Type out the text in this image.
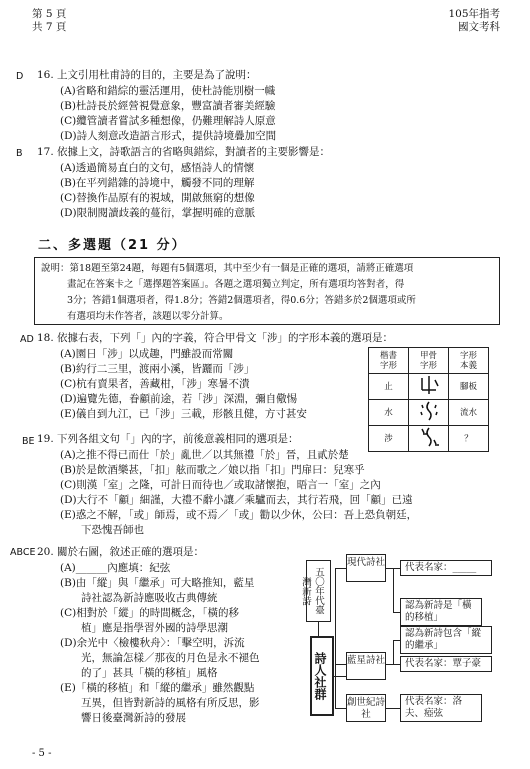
第 5 頁
共 7 頁
105年指考
國文考科
D 16. 上文引用杜甫詩的目的，主要是為了說明：
(A)省略和錯綜的靈活運用，使杜詩能別樹一幟
(B)杜詩長於經營視覺意象，豐富讀者審美經驗
(C)纜管讀者嘗試多種想像，仍難理解詩人原意
(D)詩人刻意改造語言形式，提供詩境疊加空間
B 17. 依據上文，詩歌語言的省略與錯綜，對讀者的主要影響是：
(A)透過簡易直白的文句，感悟詩人的情懷
(B)在平列錯雜的詩境中，觸發不同的理解
(C)替換作品原有的視域，開啟無窮的想像
(D)限制閱讀歧義的蔓衍，掌握明確的意脈
二、多選題（21 分）
說明：第18題至第24題，每題有5個選項，其中至少有一個是正確的選項，請將正確選項
畫記在答案卡之「選擇題答案區」。各題之選項獨立判定，所有選項均答對者，得
3分；答錯1個選項者，得1.8分；答錯2個選項者，得0.6分；答錯多於2個選項或所
有選項均未作答者，該題以零分計算。
AD 18. 依據右表，下列「」內的字義，符合甲骨文「涉」的字形本義的選項是：
(A)園日「涉」以成趣，門雖設而常關
(B)約行二三里，渡兩小溪，皆躧而「涉」
(C)杭有賣果者，善藏柑，「涉」寒暑不潰
(D)遍覽先德，眷顧前途，若「涉」深淵，彌自儆惕
(E)儀自到九江，已「涉」三載，形骸且健，方寸甚安
楷書字形	甲骨字形	字形本義
止		腳板
水		流水
涉		？
BE 19. 下列各組文句「」內的字，前後意義相同的選項是：
(A)之推不得已而仕「於」亂世／以其無禮「於」晉，且貳於楚
(B)於是飲酒樂甚，「扣」舷而歌之／娘以指「扣」門扉曰：兒寒乎
(C)則漢「室」之隆，可計日而待也／或取諸懷抱，晤言一「室」之內
(D)大行不「顧」細謹，大禮不辭小讓／乘驢而去，其行若飛，回「顧」已遠
(E)惑之不解，「或」師焉，或不焉／「或」勸以少休，公曰：吾上恐負朝廷，
下恐愧吾師也
ABCE 20. 關於右圖，敘述正確的選項是：
(A)______內應填：紀弦
(B)由「縱」與「繼承」可大略推知，藍星
詩社認為新詩應吸收古典傳統
(C)相對於「縱」的時間概念，「橫的移
植」應是指學習外國的詩學思潮
(D)余光中〈檢樓秋舟〉：「擊空明，泝流
光，無論怎樣／那夜的月色是永不褪色
的了」甚具「橫的移植」風格
(E)「橫的移植」和「縱的繼承」雖然觀點
互異，但皆對新詩的風格有所反思，影
響日後臺灣新詩的發展
五〇年代臺灣新詩
詩人社群
現代詩社	代表名家：_____
認為新詩是「橫的移植」
認為新詩包含「縱的繼承」
藍星詩社	代表名家：覃子豪
創世紀詩社
代表名家：洛夫、瘂弦
- 5 -
